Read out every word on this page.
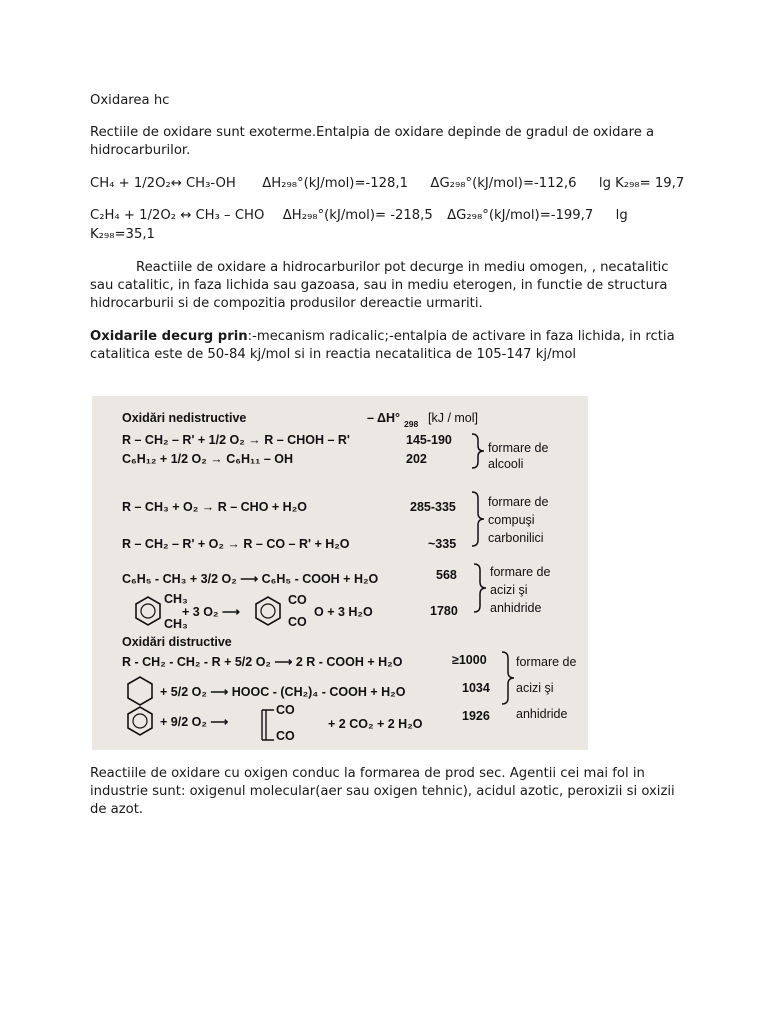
Oxidarea hc

Rectiile de oxidare sunt exoterme.Entalpia de oxidare depinde de gradul de oxidare a hidrocarburilor.

CH₄ + 1/2O₂↔ CH₃-OH ΔH₂₉₈°(kJ/mol)=-128,1 ΔG₂₉₈°(kJ/mol)=-112,6 lg K₂₉₈= 19,7

C₂H₄ + 1/2O₂ ↔ CH₃ – CHO ΔH₂₉₈°(kJ/mol)= -218,5 ΔG₂₉₈°(kJ/mol)=-199,7 lg

K₂₉₈=35,1

Reactiile de oxidare a hidrocarburilor pot decurge in mediu omogen, , necatalitic sau catalitic, in faza lichida sau gazoasa, sau in mediu eterogen, in functie de structura hidrocarburii si de compozitia produsilor dereactie urmariti.

Oxidarile decurg prin:-mecanism radicalic;-entalpia de activare in faza lichida, in rctia catalitica este de 50-84 kj/mol si in reactia necatalitica de 105-147 kj/mol

Reactiile de oxidare cu oxigen conduc la formarea de prod sec. Agentii cei mai fol in industrie sunt: oxigenul molecular(aer sau oxigen tehnic), acidul azotic, peroxizii si oxizii de azot.

Oxidări nedistructive	– ΔH° 298 [kJ / mol]
R – CH₂ – R' + 1/2 O₂ → R – CHOH – R'
C₆H₁₂ + 1/2 O₂ → C₆H₁₁ – OH
R – CH₃ + O₂ → R – CHO + H₂O
R – CH₂ – R' + O₂ → R – CO – R' + H₂O
C₆H₅ - CH₃ + 3/2 O₂ ⟶ C₆H₅ - COOH + H₂O
+ 3 O₂ ⟶
R - CH₂ - CH₂ - R + 5/2 O₂ ⟶ 2 R - COOH + H₂O
+ 5/2 O₂ ⟶ HOOC - (CH₂)₄ - COOH + H₂O
+ 9/2 O₂ ⟶
145-190
202
285-335
~335
568
1780
≥1000
1034
1926
formare de
alcooli
formare de
compuşi
carbonilici
formare de
acizi şi
anhidride
formare de
acizi şi
anhidride
Oxidări distructive
CH₃
CH₃
CO
CO
O + 3 H₂O
CO
CO
+ 2 CO₂ + 2 H₂O
